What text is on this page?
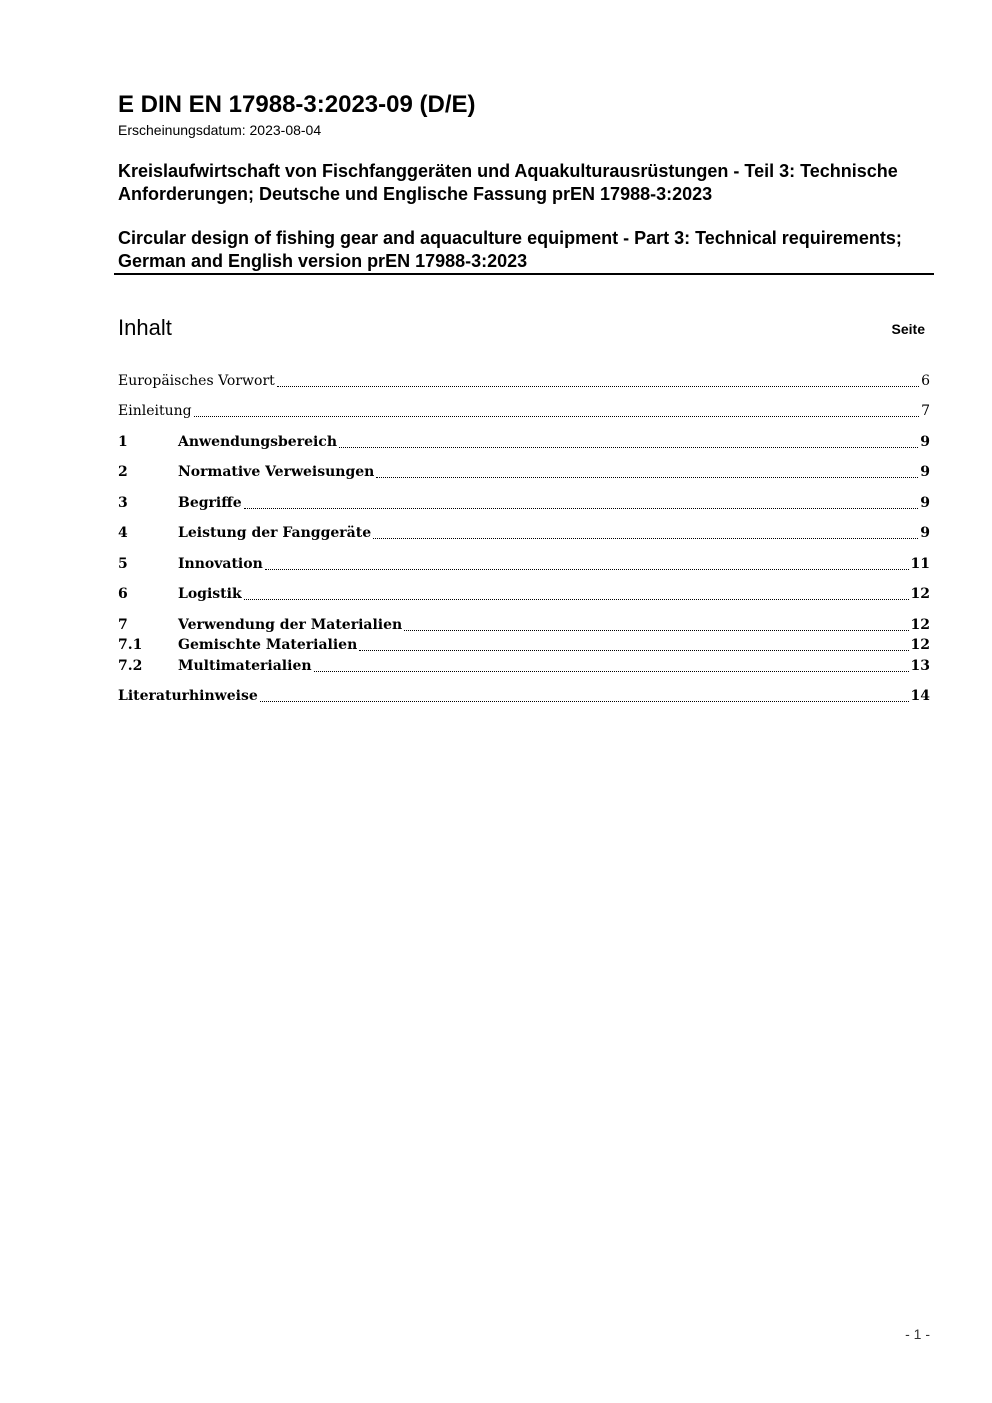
E DIN EN 17988-3:2023-09 (D/E)
Erscheinungsdatum: 2023-08-04
Kreislaufwirtschaft von Fischfanggeräten und Aquakulturausrüstungen - Teil 3: Technische Anforderungen; Deutsche und Englische Fassung prEN 17988-3:2023
Circular design of fishing gear and aquaculture equipment - Part 3: Technical requirements; German and English version prEN 17988-3:2023
Inhalt	Seite
Europäisches Vorwort	6
Einleitung	7
1	Anwendungsbereich	9
2	Normative Verweisungen	9
3	Begriffe	9
4	Leistung der Fanggeräte	9
5	Innovation	11
6	Logistik	12
7	Verwendung der Materialien	12
7.1	Gemischte Materialien	12
7.2	Multimaterialien	13
Literaturhinweise	14
- 1 -
